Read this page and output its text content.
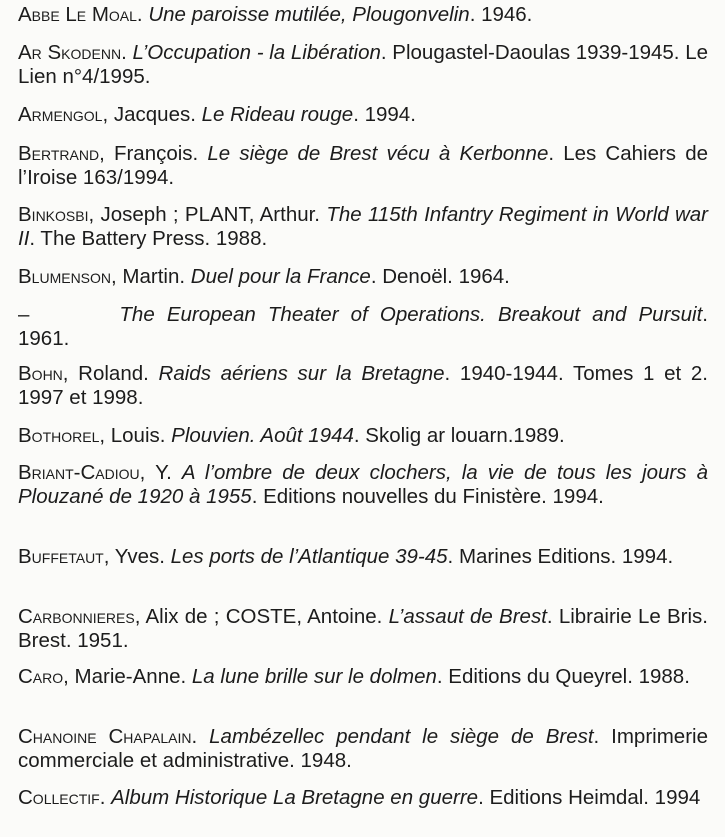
Abbe Le Moal. Une paroisse mutilée, Plougonvelin. 1946.

Ar Skodenn. L’Occupation - la Libération. Plougastel-Daoulas 1939-1945. Le Lien n°4/1995.

Armengol, Jacques. Le Rideau rouge. 1994.

Bertrand, François. Le siège de Brest vécu à Kerbonne. Les Cahiers de l’Iroise 163/1994.

Binkosbi, Joseph ; PLANT, Arthur. The 115th Infantry Regiment in World war II. The Battery Press. 1988.

Blumenson, Martin. Duel pour la France. Denoël. 1964.

–	The European Theater of Operations. Breakout and Pursuit. 1961.

Bohn, Roland. Raids aériens sur la Bretagne. 1940-1944. Tomes 1 et 2. 1997 et 1998.

Bothorel, Louis. Plouvien. Août 1944. Skolig ar louarn.1989.

Briant-Cadiou, Y. A l’ombre de deux clochers, la vie de tous les jours à Plouzané de 1920 à 1955. Editions nouvelles du Finistère. 1994.

Buffetaut, Yves. Les ports de l’Atlantique 39-45. Marines Editions. 1994.

Carbonnieres, Alix de ; COSTE, Antoine. L’assaut de Brest. Librairie Le Bris. Brest. 1951.

Caro, Marie-Anne. La lune brille sur le dolmen. Editions du Queyrel. 1988.

Chanoine Chapalain. Lambézellec pendant le siège de Brest. Imprimerie commerciale et administrative. 1948.

Collectif. Album Historique La Bretagne en guerre. Editions Heimdal. 1994
